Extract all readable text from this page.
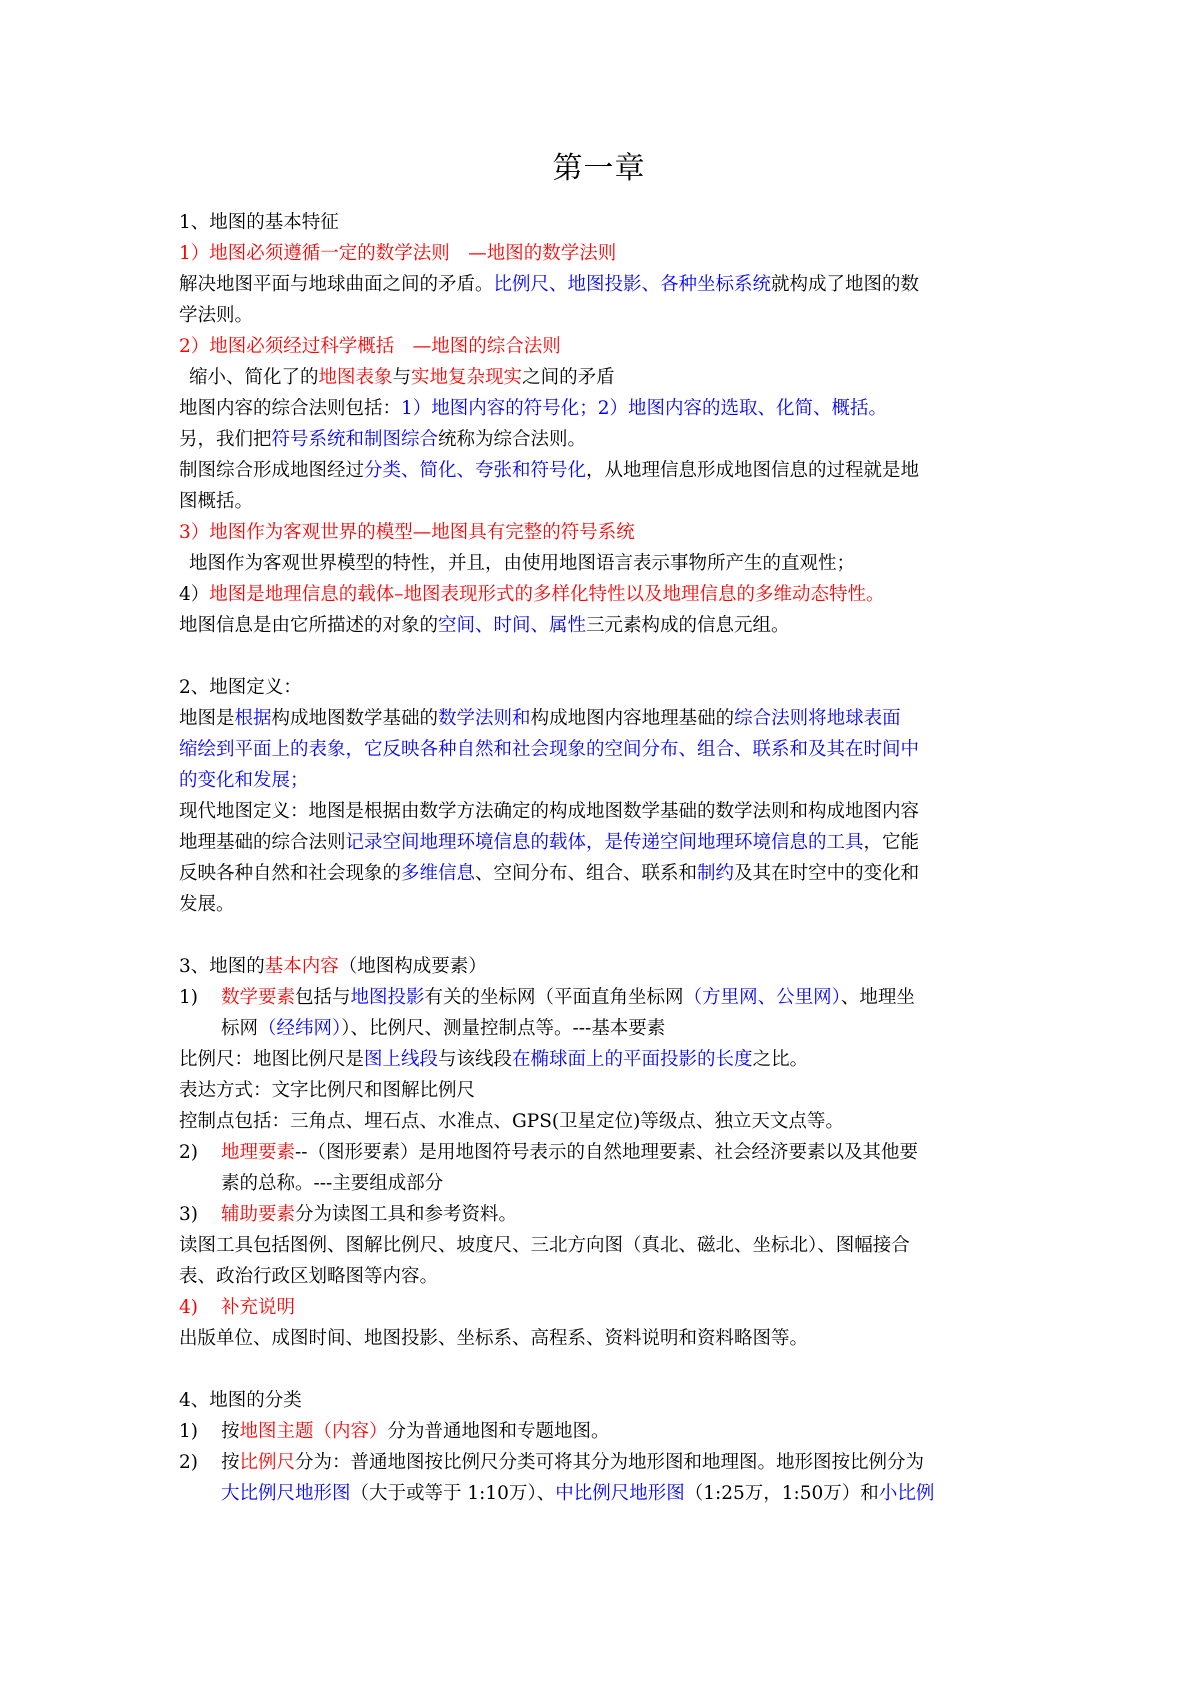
第一章
1、地图的基本特征
1）地图必须遵循一定的数学法则　—地图的数学法则
解决地图平面与地球曲面之间的矛盾。比例尺、地图投影、各种坐标系统就构成了地图的数
学法则。
2）地图必须经过科学概括　—地图的综合法则
缩小、简化了的地图表象与实地复杂现实之间的矛盾
地图内容的综合法则包括：1）地图内容的符号化；2）地图内容的选取、化简、概括。
另，我们把符号系统和制图综合统称为综合法则。
制图综合形成地图经过分类、简化、夸张和符号化，从地理信息形成地图信息的过程就是地
图概括。
3）地图作为客观世界的模型—地图具有完整的符号系统
地图作为客观世界模型的特性，并且，由使用地图语言表示事物所产生的直观性；
4）地图是地理信息的载体–地图表现形式的多样化特性以及地理信息的多维动态特性。
地图信息是由它所描述的对象的空间、时间、属性三元素构成的信息元组。
2、地图定义：
地图是根据构成地图数学基础的数学法则和构成地图内容地理基础的综合法则将地球表面
缩绘到平面上的表象，它反映各种自然和社会现象的空间分布、组合、联系和及其在时间中
的变化和发展；
现代地图定义：地图是根据由数学方法确定的构成地图数学基础的数学法则和构成地图内容
地理基础的综合法则记录空间地理环境信息的载体，是传递空间地理环境信息的工具，它能
反映各种自然和社会现象的多维信息、空间分布、组合、联系和制约及其在时空中的变化和
发展。
3、地图的基本内容（地图构成要素）
1) 数学要素包括与地图投影有关的坐标网（平面直角坐标网（方里网、公里网）、地理坐
标网（经纬网））、比例尺、测量控制点等。---基本要素
比例尺：地图比例尺是图上线段与该线段在椭球面上的平面投影的长度之比。
表达方式：文字比例尺和图解比例尺
控制点包括：三角点、埋石点、水准点、GPS(卫星定位)等级点、独立天文点等。
2) 地理要素--（图形要素）是用地图符号表示的自然地理要素、社会经济要素以及其他要
素的总称。---主要组成部分
3) 辅助要素分为读图工具和参考资料。
读图工具包括图例、图解比例尺、坡度尺、三北方向图（真北、磁北、坐标北）、图幅接合
表、政治行政区划略图等内容。
4) 补充说明
出版单位、成图时间、地图投影、坐标系、高程系、资料说明和资料略图等。
4、地图的分类
1) 按地图主题（内容）分为普通地图和专题地图。
2) 按比例尺分为：普通地图按比例尺分类可将其分为地形图和地理图。地形图按比例分为
大比例尺地形图（大于或等于 1:10万）、中比例尺地形图（1:25万，1:50万）和小比例
